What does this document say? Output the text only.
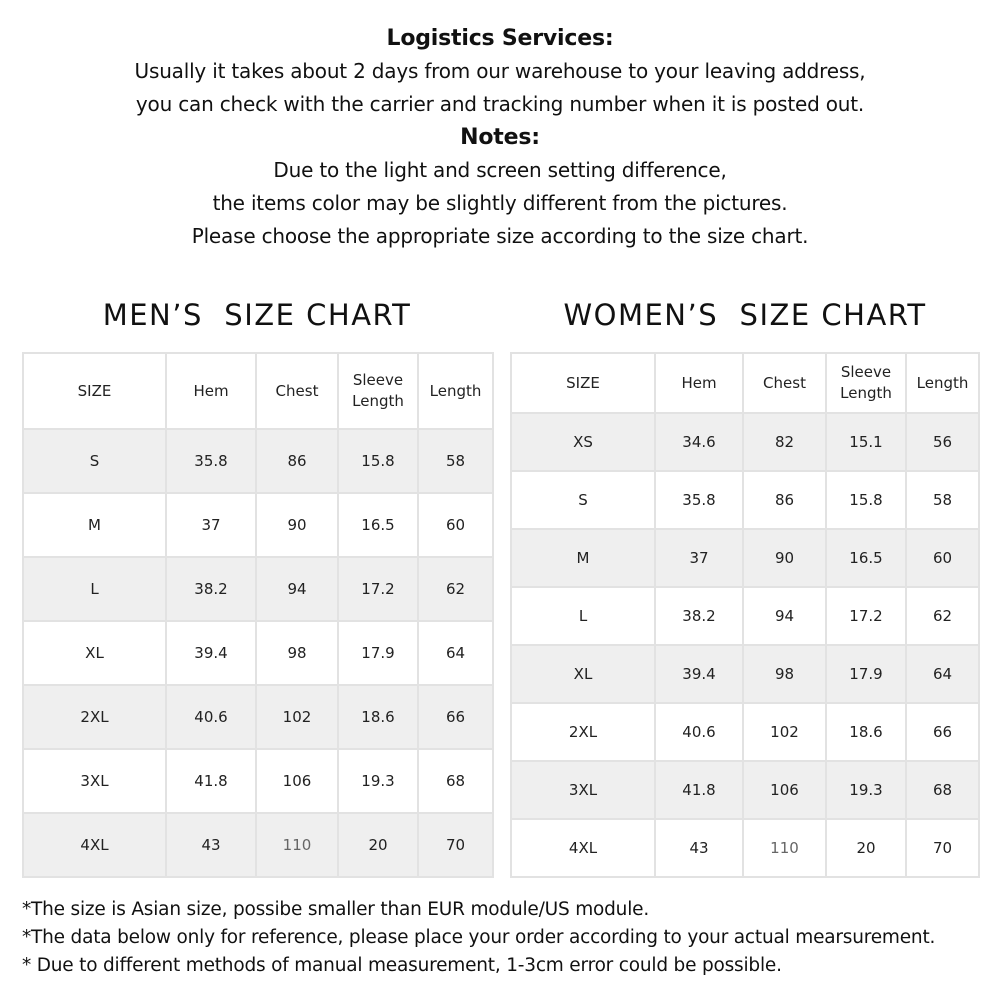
Logistics Services:
Usually it takes about 2 days from our warehouse to your leaving address,
you can check with the carrier and tracking number when it is posted out.
Notes:
Due to the light and screen setting difference,
the items color may be slightly different from the pictures.
Please choose the appropriate size according to the size chart.
MEN’S  SIZE CHART	WOMEN’S  SIZE CHART
SIZE	Hem	Chest	Sleeve Length	Length
S	35.8	86	15.8	58
M	37	90	16.5	60
L	38.2	94	17.2	62
XL	39.4	98	17.9	64
2XL	40.6	102	18.6	66
3XL	41.8	106	19.3	68
4XL	43	110	20	70
SIZE	Hem	Chest	Sleeve Length	Length
XS	34.6	82	15.1	56
S	35.8	86	15.8	58
M	37	90	16.5	60
L	38.2	94	17.2	62
XL	39.4	98	17.9	64
2XL	40.6	102	18.6	66
3XL	41.8	106	19.3	68
4XL	43	110	20	70
*The size is Asian size, possibe smaller than EUR module/US module.
*The data below only for reference, please place your order according to your actual mearsurement.
* Due to different methods of manual measurement, 1-3cm error could be possible.
